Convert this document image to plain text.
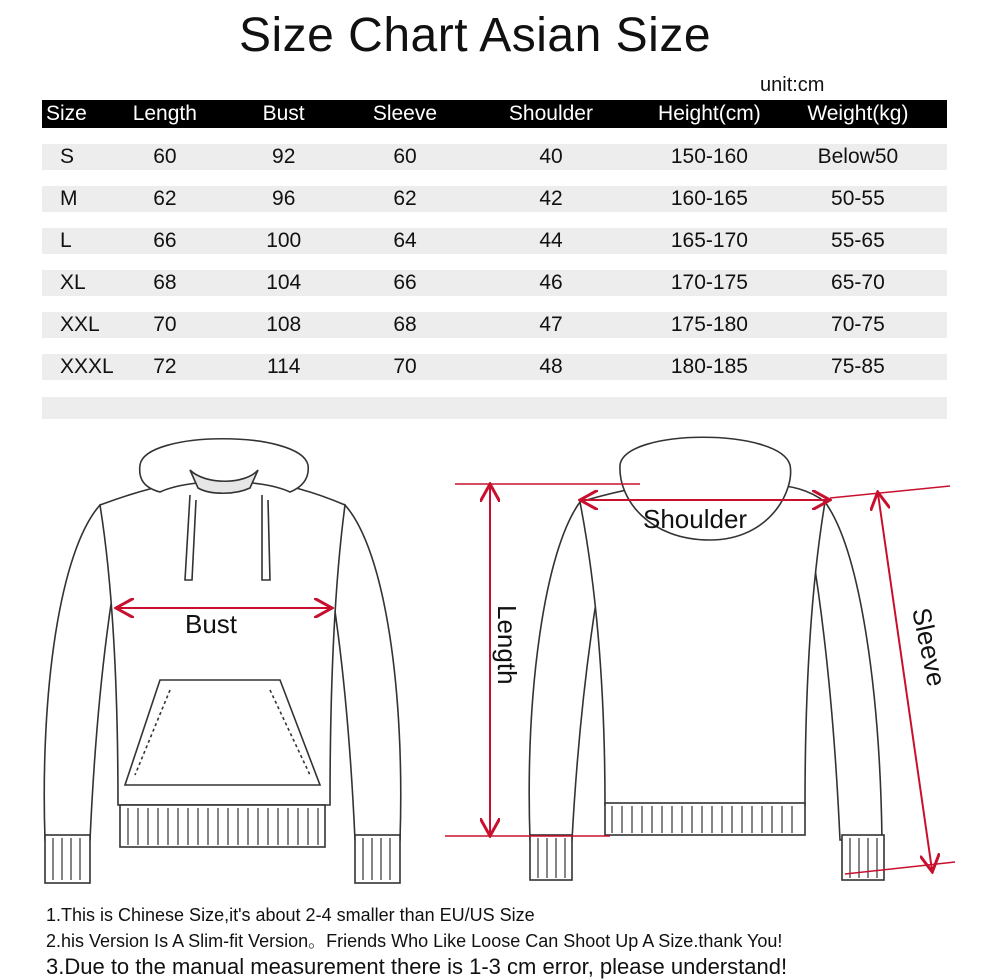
Size Chart Asian Size
unit:cm
Size	Length	Bust	Sleeve	Shoulder	Height(cm)	Weight(kg)
S	60	92	60	40	150-160	Below50
M	62	96	62	42	160-165	50-55
L	66	100	64	44	165-170	55-65
XL	68	104	66	46	170-175	65-70
XXL	70	108	68	47	175-180	70-75
XXXL	72	114	70	48	180-185	75-85
Bust
Shoulder
Length	Sleeve
1.This is Chinese Size,it's about 2-4 smaller than EU/US Size
2.his Version Is A Slim-fit Version。Friends Who Like Loose Can Shoot Up A Size.thank You!
3.Due to the manual measurement there is 1-3 cm error, please understand!
